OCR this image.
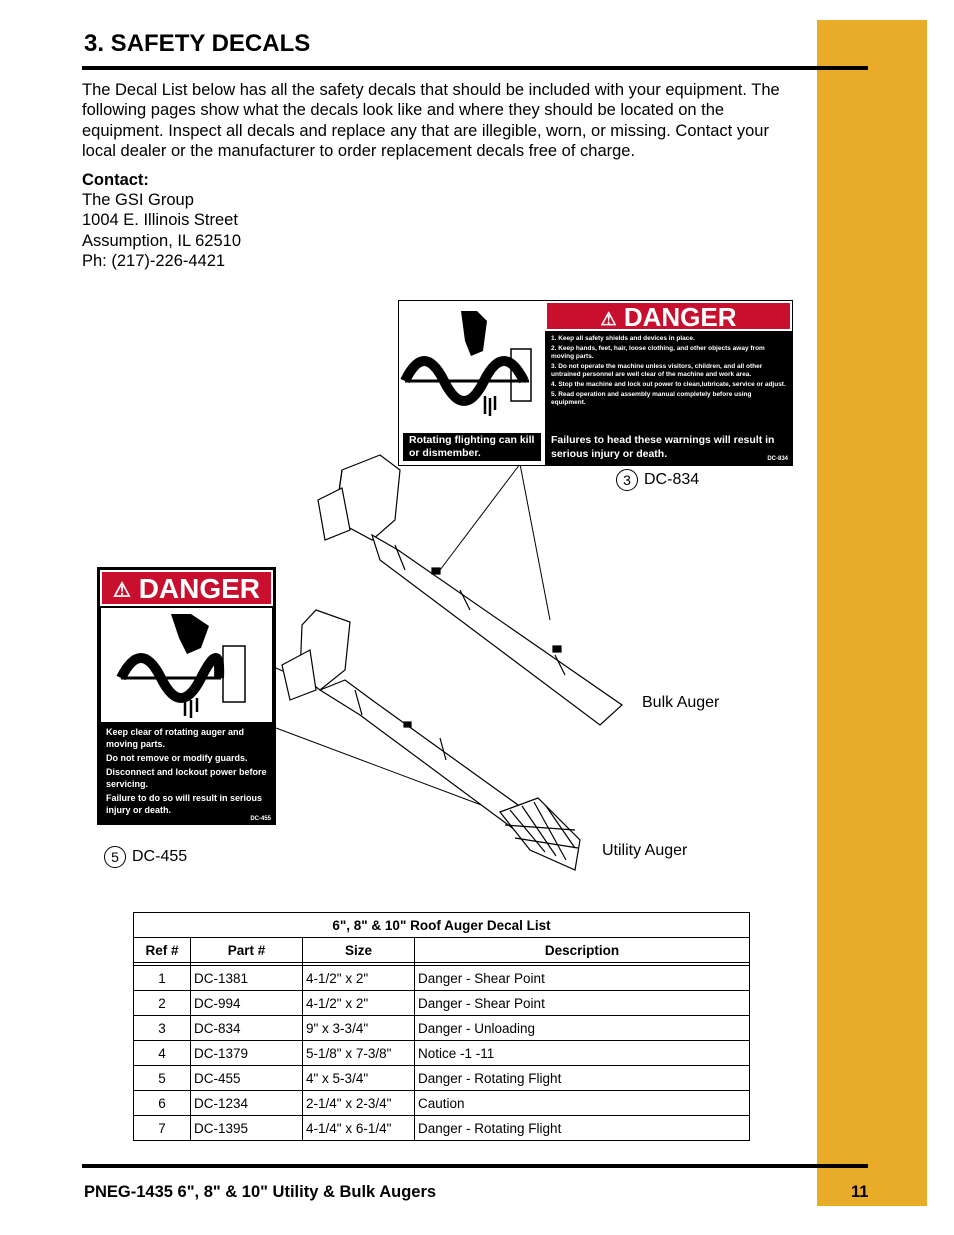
3. SAFETY DECALS

The Decal List below has all the safety decals that should be included with your equipment. The following pages show what the decals look like and where they should be located on the equipment. Inspect all decals and replace any that are illegible, worn, or missing. Contact your local dealer or the manufacturer to order replacement decals free of charge.

Contact:
The GSI Group
1004 E. Illinois Street
Assumption, IL 62510
Ph: (217)-226-4421
Rotating flighting can kill or dismember.
⚠ DANGER
1. Keep all safety shields and devices in place.
2. Keep hands, feet, hair, loose clothing, and other objects away from moving parts.
3. Do not operate the machine unless visitors, children, and all other untrained personnel are well clear of the machine and work area.
4. Stop the machine and lock out power to clean,lubricate, service or adjust.
5. Read operation and assembly manual completely before using equipment.
Failures to head these warnings will result in serious injury or death.	DC-834
3 DC-834
⚠ DANGER
Keep clear of rotating auger and moving parts.
Do not remove or modify guards.
Disconnect and lockout power before servicing.
Failure to do so will result in serious injury or death.
DC-455
5 DC-455
Bulk Auger
Utility Auger
6", 8" & 10" Roof Auger Decal List			
Ref #	Part #	Size	Description

1	DC-1381	4-1/2" x 2"	Danger - Shear Point
2	DC-994	4-1/2" x 2"	Danger - Shear Point
3	DC-834	9" x 3-3/4"	Danger - Unloading
4	DC-1379	5-1/8" x 7-3/8"	Notice -1 -11
5	DC-455	4" x 5-3/4"	Danger - Rotating Flight
6	DC-1234	2-1/4" x 2-3/4"	Caution
7	DC-1395	4-1/4" x 6-1/4"	Danger - Rotating Flight
PNEG-1435 6", 8" & 10" Utility & Bulk Augers	11
